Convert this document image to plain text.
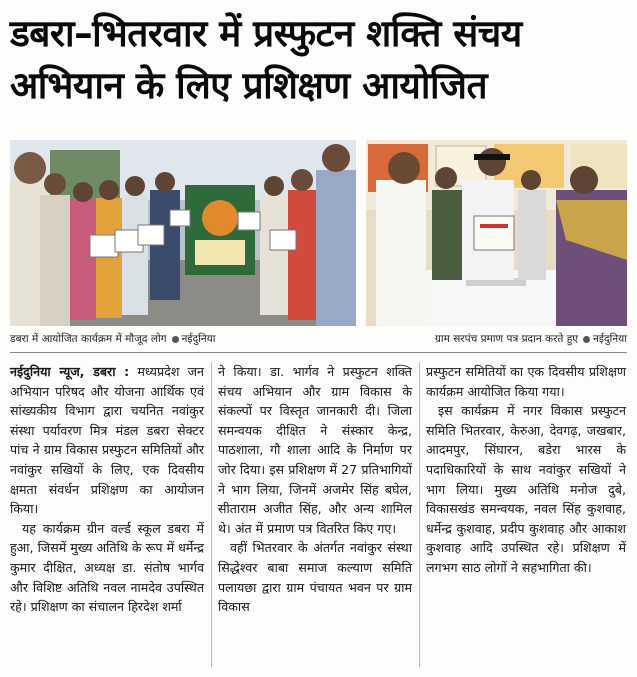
डबरा–भितरवार में प्रस्फुटन शक्ति संचय अभियान के लिए प्रशिक्षण आयोजित
डबरा में आयोजित कार्यक्रम में मौजूद लोग नईदुनिया	ग्राम सरपंच प्रमाण पत्र प्रदान करते हुए नईदुनिया

नईदुनिया न्यूज, डबरा : मध्यप्रदेश जन अभियान परिषद और योजना आर्थिक एवं सांख्यकीय विभाग द्वारा चयनित नवांकुर संस्था पर्यावरण मित्र मंडल डबरा सेक्टर पांच ने ग्राम विकास प्रस्फुटन समितियों और नवांकुर सखियों के लिए, एक दिवसीय क्षमता संवर्धन प्रशिक्षण का आयोजन किया।

यह कार्यक्रम ग्रीन वर्ल्ड स्कूल डबरा में हुआ, जिसमें मुख्य अतिथि के रूप में धर्मेन्द्र कुमार दीक्षित, अध्यक्ष डा. संतोष भार्गव और विशिष्ट अतिथि नवल नामदेव उपस्थित रहे। प्रशिक्षण का संचालन हिरदेश शर्मा

ने किया। डा. भार्गव ने प्रस्फुटन शक्ति संचय अभियान और ग्राम विकास के संकल्पों पर विस्तृत जानकारी दी। जिला समन्वयक दीक्षित ने संस्कार केन्द्र, पाठशाला, गौ शाला आदि के निर्माण पर जोर दिया। इस प्रशिक्षण में 27 प्रतिभागियों ने भाग लिया, जिनमें अजमेर सिंह बघेल, सीताराम अजीत सिंह, और अन्य शामिल थे। अंत में प्रमाण पत्र वितरित किए गए।

वहीं भितरवार के अंतर्गत नवांकुर संस्था सिद्धेश्वर बाबा समाज कल्याण समिति पलायछा द्वारा ग्राम पंचायत भवन पर ग्राम विकास

प्रस्फुटन समितियों का एक दिवसीय प्रशिक्षण कार्यक्रम आयोजित किया गया।

इस कार्यक्रम में नगर विकास प्रस्फुटन समिति भितरवार, केरुआ, देवगढ़, जखबार, आदमपुर, सिंघारन, बडेरा भारस के पदाधिकारियों के साथ नवांकुर सखियों ने भाग लिया। मुख्य अतिथि मनोज दुबे, विकासखंड समन्वयक, नवल सिंह कुशवाह, धर्मेन्द्र कुशवाह, प्रदीप कुशवाह और आकाश कुशवाह आदि उपस्थित रहे। प्रशिक्षण में लगभग साठ लोगों ने सहभागिता की।
